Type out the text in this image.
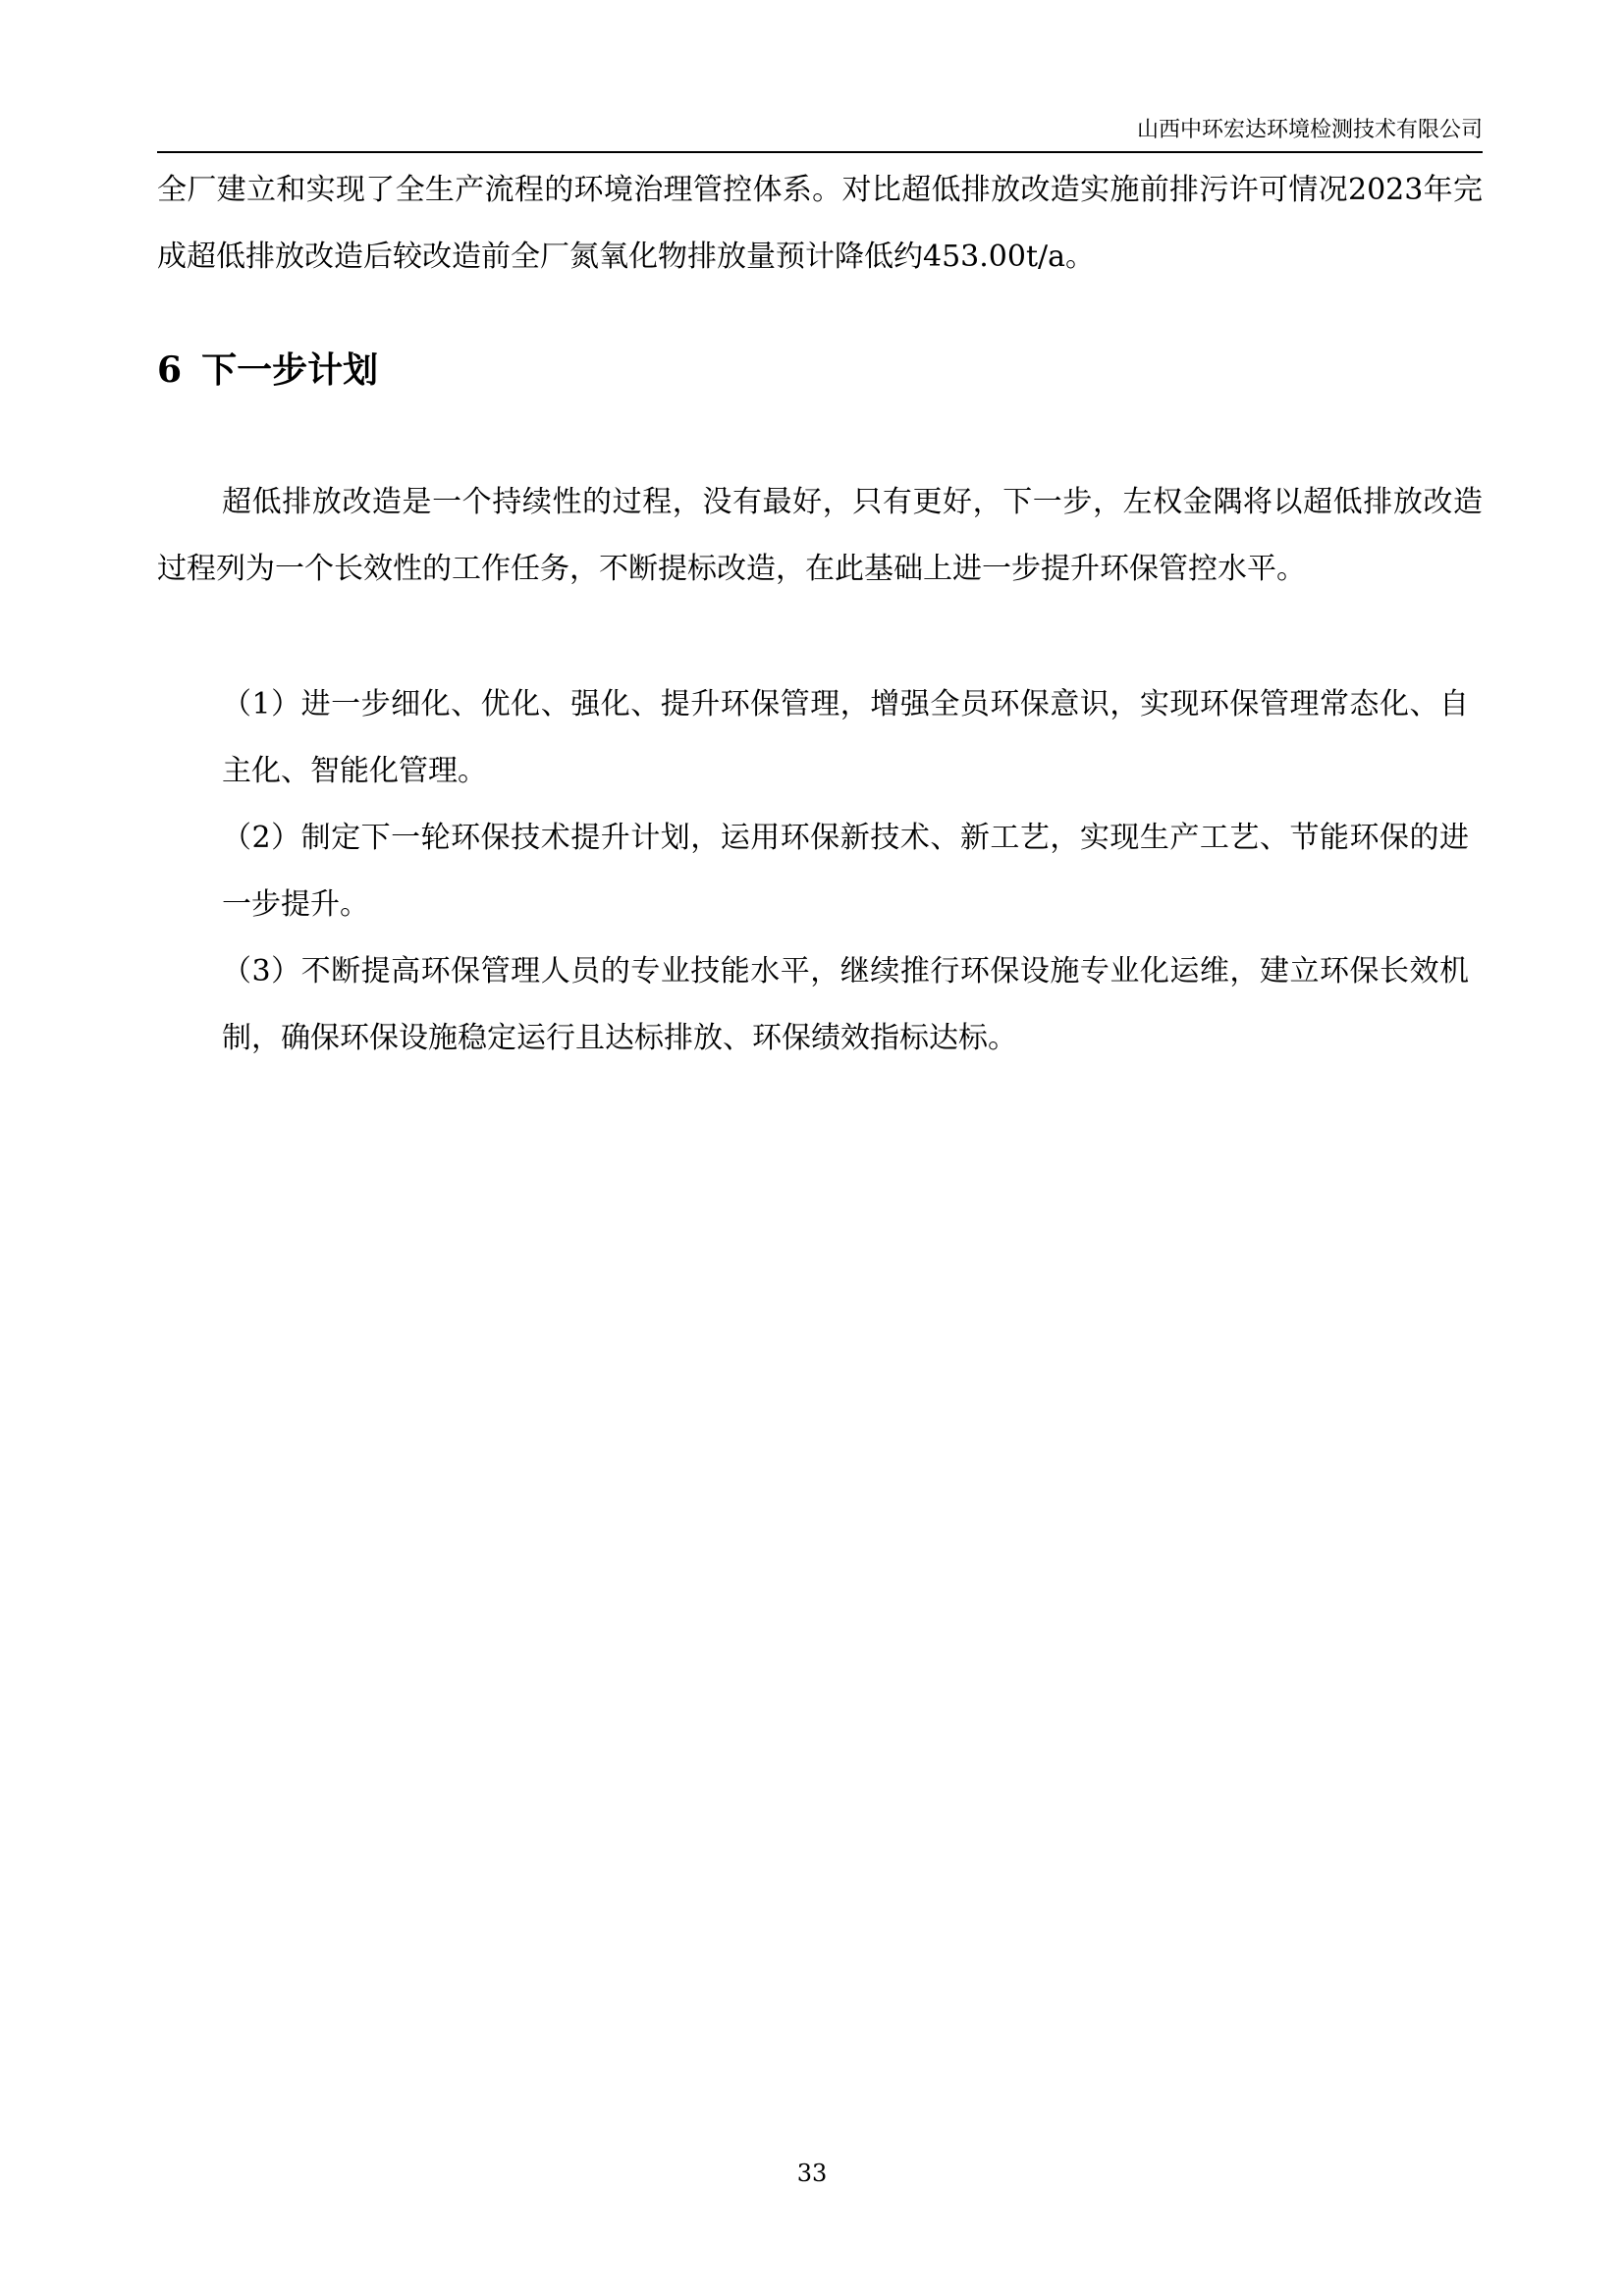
山西中环宏达环境检测技术有限公司

全厂建立和实现了全生产流程的环境治理管控体系。对比超低排放改造实施前排污许可情况2023年完成超低排放改造后较改造前全厂氮氧化物排放量预计降低约453.00t/a。

6 下一步计划

超低排放改造是一个持续性的过程，没有最好，只有更好，下一步，左权金隅将以超低排放改造过程列为一个长效性的工作任务，不断提标改造，在此基础上进一步提升环保管控水平。

（1）进一步细化、优化、强化、提升环保管理，增强全员环保意识，实现环保管理常态化、自主化、智能化管理。
（2）制定下一轮环保技术提升计划，运用环保新技术、新工艺，实现生产工艺、节能环保的进一步提升。
（3）不断提高环保管理人员的专业技能水平，继续推行环保设施专业化运维，建立环保长效机制，确保环保设施稳定运行且达标排放、环保绩效指标达标。
33
